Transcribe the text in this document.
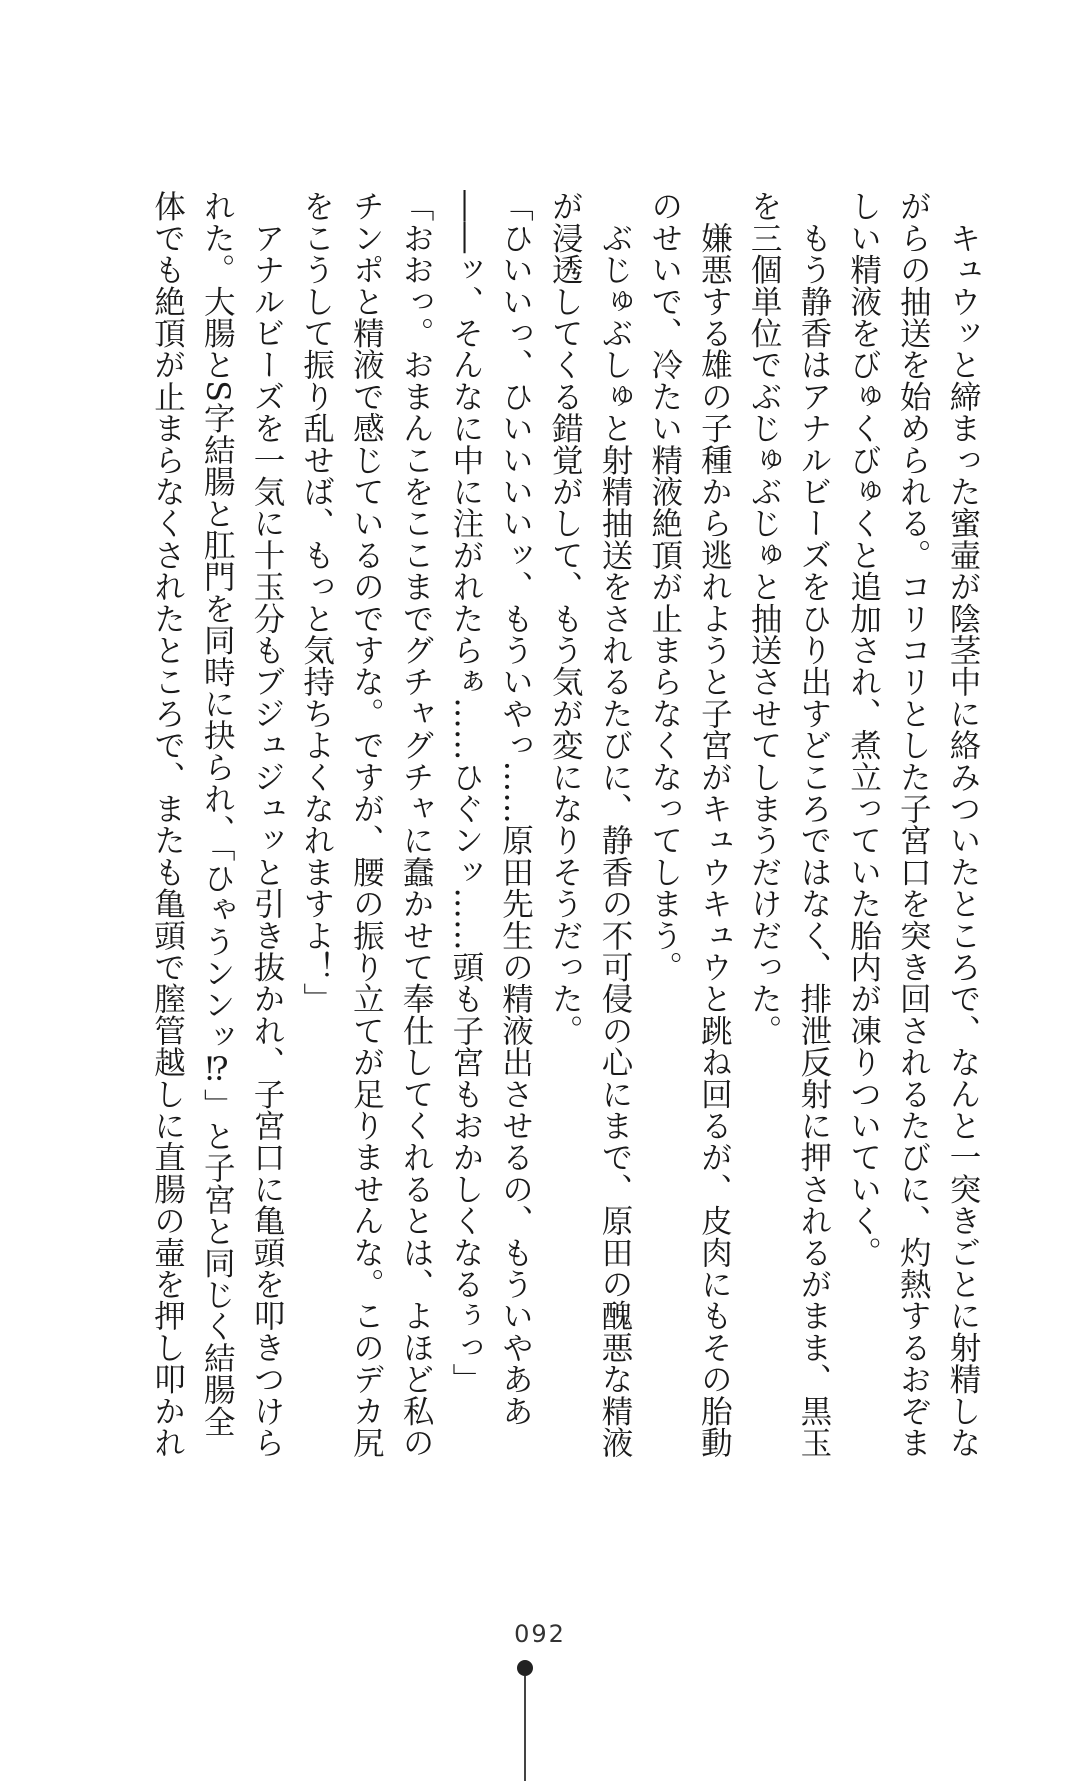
　キュウッと締まった蜜壷が陰茎中に絡みついたところで、なんと一突きごとに射精しな
がらの抽送を始められる。コリコリとした子宮口を突き回されるたびに、灼熱するおぞま
しい精液をびゅくびゅくと追加され、煮立っていた胎内が凍りついていく。

　もう静香はアナルビーズをひり出すどころではなく、排泄反射に押されるがまま、黒玉
を三個単位でぶじゅぶじゅと抽送させてしまうだけだった。

　嫌悪する雄の子種から逃れようと子宮がキュウキュウと跳ね回るが、皮肉にもその胎動
のせいで、冷たい精液絶頂が止まらなくなってしまう。

　ぶじゅぶしゅと射精抽送をされるたびに、静香の不可侵の心にまで、原田の醜悪な精液
が浸透してくる錯覚がして、もう気が変になりそうだった。

「ひいいっ、ひいいいいッ、もういやっ……原田先生の精液出させるの、もういやああ
――ッ、そんなに中に注がれたらぁ……ひぐンッ……頭も子宮もおかしくなるぅっ」

「おおっ。おまんこをここまでグチャグチャに蠢かせて奉仕してくれるとは、よほど私の
チンポと精液で感じているのですな。ですが、腰の振り立てが足りませんな。このデカ尻
をこうして振り乱せば、もっと気持ちよくなれますよ！」

　アナルビーズを一気に十玉分もブジュジュッと引き抜かれ、子宮口に亀頭を叩きつけら
れた。大腸とS字結腸と肛門を同時に抉られ、「ひゃうンンッ⁉」と子宮と同じく結腸全
体でも絶頂が止まらなくされたところで、またも亀頭で膣管越しに直腸の壷を押し叩かれ

092
